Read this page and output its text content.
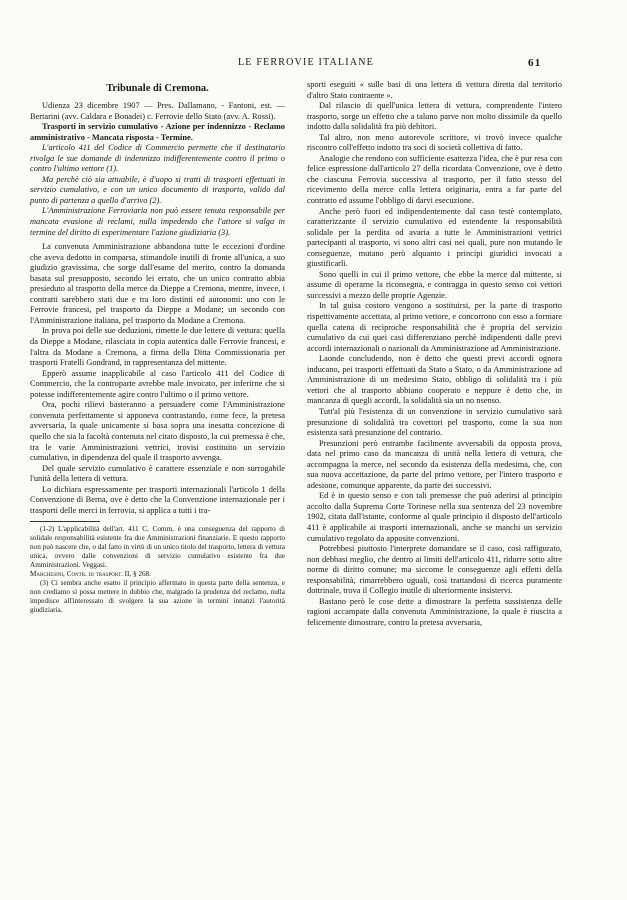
LE FERROVIE ITALIANE	61
Tribunale di Cremona.

Udienza 23 dicembre 1907 — Pres. Dallamano, - Fantoni, est. — Bertarini (avv. Caldara e Bonadei) c. Ferrovie dello Stato (avv. A. Rossi).

Trasporti in servizio cumulativo - Azione per indennizzo - Reclamo amministrativo - Mancata risposta - Termine.

L'articolo 411 del Codice di Commercio permette che il destinatario rivolga le sue domande di indennizzo indifferentemente contro il primo o contro l'ultimo vettore (1).

Ma perchè ciò sia attuabile, è d'uopo si tratti di trasporti effettuati in servizio cumulativo, e con un unico documento di trasporto, valido dal punto di partenza a quello d'arrivo (2).

L'Amministrazione Ferroviaria non può essere tenuta responsabile per mancata evasione di reclami, nulla impedendo che l'attore si valga in termine del diritto di esperimentare l'azione giudiziaria (3).

La convenuta Amministrazione abbandona tutte le eccezioni d'ordine che aveva dedotto in comparsa, stimandole inutili di fronte all'unica, a suo giudizio gravissima, che sorge dall'esame del merito, contro la domanda basata sul presupposto, secondo lei errato, che un unico contratto abbia presieduto al trasporto della merce da Dieppe a Cremona, mentre, invece, i contratti sarebbero stati due e tra loro distinti ed autonomi: uno con le Ferrovie francesi, pel trasporto da Dieppe a Modane; un secondo con l'Amministrazione italiana, pel trasporto da Modane a Cremona.

In prova poi delle sue deduzioni, rimette le due lettere di vettura: quella da Dieppe a Modane, rilasciata in copia autentica dalle Ferrovie francesi, e l'altra da Modane a Cremona, a firma della Ditta Commissionaria per trasporti Fratelli Gondrand, in rappresentanza del mittente.

Epperò assume inapplicabile al caso l'articolo 411 del Codice di Commercio, che la controparte avrebbe male invocato, per inferirne che si potesse indifferentemente agire contro l'ultimo o il primo vettore.

Ora, pochi rilievi basteranno a persuadere come l'Amministrazione convenuta perfettamente si apponeva contrastando, come fece, la pretesa avversaria, la quale unicamente si basa sopra una inesatta concezione di quello che sia la facoltà contenuta nel citato disposto, la cui premessa è che, tra le varie Amministrazioni vettrici, trovisi costituito un servizio cumulativo, in dipendenza del quale il trasporto avvenga.

Del quale servizio cumulativo è carattere essenziale e non surrogabile l'unità della lettera di vettura.

Lo dichiara espressamente per trasporti internazionali l'articolo 1 della Convenzione di Berna, ove è detto che la Convenzione internazionale per i trasporti delle merci in ferrovia, si applica a tutti i tra-

(1-2) L'applicabilità dell'art. 411 C. Comm. è una conseguenza del rapporto di solidale responsabilità esistente fra due Amministrazioni finanziarie. E questo rapporto non può nascere che, o dal fatto in virtù di un unico titolo del trasporto, lettera di vettura unica, ovvero dalle convenzioni di servizio cumulativo esistente fra due Amministrazioni. Veggasi.

Marchesini, Contr. di trasport. II, § 268.

(3) Ci sembra anche esatto il principio affermato in questa parte della sentenza, e non crediamo si possa mettere in dubbio che, malgrado la prudenza del reclamo, nulla impedisce all'interessato di svolgere la sua azione in termini innanzi l'autorità giudiziaria.

sporti eseguiti « sulle basi di una lettera di vettura diretta dal territorio d'altro Stato contraente ».

Dal rilascio di quell'unica lettera di vettura, comprendente l'intero trasporto, sorge un effetto che a taluno parve non molto dissimile da quello indotto dalla solidalità fra più debitori.

Tal altro, non meno autorevole scrittore, vi trovò invece qualche riscontro coll'effetto indotto tra soci di società collettiva di fatto.

Analogie che rendono con sufficiente esattezza l'idea, che è pur resa con felice espressione dall'articolo 27 della ricordata Convenzione, ove è detto che ciascuna Ferrovia successiva al trasporto, per il fatto stesso del ricevimento della merce colla lettera originaria, entra a far parte del contratto ed assume l'obbligo di darvi esecuzione.

Anche però fuori ed indipendentemente dal caso testè contemplato, caratterizzante il servizio cumulativo ed estendente la responsabilità solidale per la perdita od avaria a tutte le Amministrazioni vettrici partecipanti al trasporto, vi sono altri casi nei quali, pure non mutando le conseguenze, mutano però alquanto i principi giuridici invocati a giustificarli.

Sono quelli in cui il primo vettore, che ebbe la merce dal mittente, si assume di operarne la riconsegna, e contragga in questo senso coi vettori successivi a mezzo delle proprie Agenzie.

In tal guisa costoro vengono a sostituirsi, per la parte di trasporto rispettivamente accettata, al primo vettore, e concorrono con esso a formare quella catena di reciproche responsabilità che è propria del servizio cumulativo da cui quei casi differenziano perchè indipendenti dalle previ accordi internazionali o nazionali da Amministrazione ad Amministrazione.

Laonde concludendo, non è detto che questi previ accordi ognora inducano, pei trasporti effettuati da Stato a Stato, o da Amministrazione ad Amministrazione di un medesimo Stato, obbligo di solidalità tra i più vettori che al trasporto abbiano cooperato e neppure è detto che, in mancanza di quegli accordi, la solidalità sia un no nsenso.

Tutt'al più l'esistenza di un convenzione in servizio cumulativo sarà presunzione di solidalità tra covettori pel trasporto, come la sua non esistenza sarà presunzione del contrario.

Presunzioni però entrambe facilmente avversabili da opposta prova, data nel primo caso da mancanza di unità nella lettera di vettura, che accompagna la merce, nel secondo da esistenza della medesima, che, con sua nuova accettazione, da parte del primo vettore, per l'intero trasporto e adesione, comunque apparente, da parte dei successivi.

Ed è in questo senso e con tali premesse che può aderirsi al principio accolto dalla Suprema Corte Torinese nella sua sentenza del 23 novembre 1902, citata dall'istante, conforme al quale principio il disposto dell'articolo 411 è applicabile ai trasporti internazionali, anche se manchi un servizio cumulativo regolato da apposite convenzioni.

Potrebbesi piuttosto l'interprete domandare se il caso, così raffigurato, non debbasi meglio, che dentro ai limiti dell'articolo 411, ridurre sotto altre norme di diritto comune; ma siccome le conseguenze agli effetti della responsabilità, rimarrebbero uguali, così trattandosi di ricerca puramente dottrinale, trova il Collegio inutile di ulteriormente insistervi.

Bastano però le cose dette a dimostrare la perfetta sussistenza delle ragioni accampate dalla convenuta Amministrazione, la quale è riuscita a felicemente dimostrare, contro la pretesa avversaria,
